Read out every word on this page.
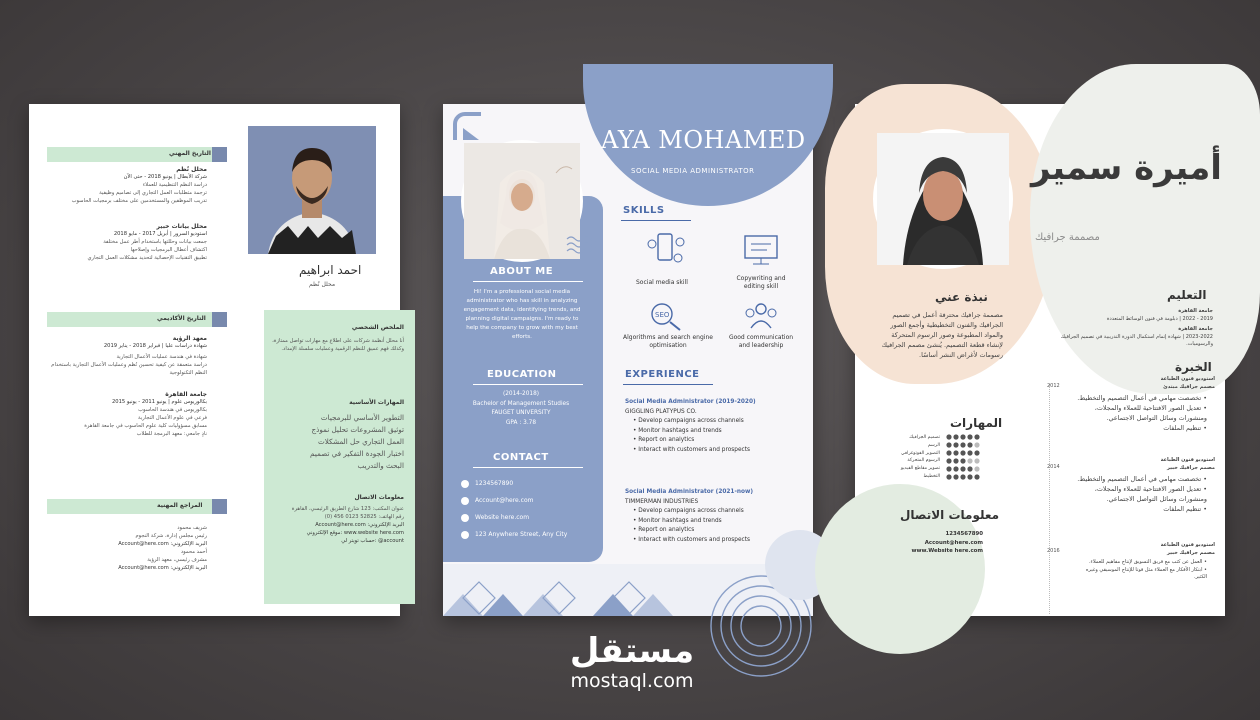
احمد ابراهيم

محلل نُظم

التاريخ المهني

محلل نُظم

شركة الأبطال | يونيو 2018 - حتى الآن

دراسة النظم التنظيمية للعملاء

ترجمة متطلبات العمل التجاري إلى تصاميم وظيفية

تدريب الموظفين والمستخدمين على مختلف برمجيات الحاسوب

محلل بيانات خبير

استوديو السرور | أبريل 2017 - مايو 2018

جمعت بيانات وحللتها باستخدام أطر عمل مختلفة

اكتشاف أعطال البرمجيات وإصلاحها

تطبيق التقنيات الإحصائية لتحديد مشكلات العمل التجاري

التاريخ الأكاديمي

معهد الرؤية

شهادة دراسات عليا | فبراير 2018 - يناير 2019

شهادة في هندسة عمليات الأعمال التجارية

دراسة متعمقة عن كيفية تحسين نُظم وعمليات الأعمال التجارية باستخدام النظم التكنولوجية

جامعة القاهرة

بكالوريوس علوم | يونيو 2011 - يونيو 2015

بكالوريوس في هندسة الحاسوب

فرعي في علوم الأعمال التجارية

مسابق مسؤوليات كلية علوم الحاسوب في جامعة القاهرة

نادٍ جامعي: معهد البرمجة للطلاب

المراجع المهنية

شريف محمود

رئيس مجلس إدارة، شركة النجوم

البريد الإلكتروني: Account@here.com

أحمد محمود

مشرف رئيسي، معهد الرؤية

البريد الإلكتروني: Account@here.com

الملخص الشخصي

أنا محلل أنظمة شركات على اطلاع مع مهارات تواصل ممتازة، وكذلك فهم عميق للنظم الرقمية وعمليات سلسلة الإمداد.

المهارات الأساسية

التطوير الأساسي للبرمجيات

توثيق المشروعات تحليل نموذج

العمل التجاري حل المشكلات

اختبار الجودة التفكير في تصميم

البحث والتدريب

معلومات الاتصال

عنوان المكتب: 123 شارع الطريق الرئيسي، القاهرة

رقم الهاتف: 52825 0123 456 (0)

البريد الإلكتروني: Account@here.com

www.website here.com :موقع الإلكتروني

account@ :حساب تويتر لي

AYA MOHAMED

SOCIAL MEDIA ADMINISTRATOR

ABOUT ME

Hi! I'm a professional social media administrator who has skill in analyzing engagement data, identifying trends, and planning digital campaigns. I'm ready to help the company to grow with my best efforts.

EDUCATION

(2014-2018)

Bachelor of Management Studies

FAUGET UNIVERSITY

GPA : 3.78

CONTACT

1234567890
Account@here.com
Website here.com
123 Anywhere Street, Any City

SKILLS

Social media skill

Copywriting and editing skill

SEO

Algorithms and search engine optimisation

Good communication and leadership

EXPERIENCE

Social Media Administrator (2019-2020)

GIGGLING PLATYPUS CO.

• Develop campaigns across channels

• Monitor hashtags and trends

• Report on analytics

• Interact with customers and prospects

Social Media Administrator (2021-now)

TIMMERMAN INDUSTRIES

• Develop campaigns across channels

• Monitor hashtags and trends

• Report on analytics

• Interact with customers and prospects

أميرة سمير

مصممة جرافيك

نبذة عني

مصممة جرافيك محترفة أعمل في تصميم الجرافيك والفنون التخطيطية وأجمع الصور والمواد المطبوعة وصور الرسوم المتحركة لإنشاء قطعة التصميم. يُنشئ مصمم الجرافيك رسومات لأغراض النشر أساسًا.

المهارات

تصميم الجرافيك

الرسم

التصوير الفوتوغرافي

الرسوم المتحركة

تصوير مقاطع الفيديو

التخطيط

معلومات الاتصال

1234567890

Account@here.com

www.Website here.com

التعليم

جامعة القاهرة

2019 - 2022 | دبلومة في فنون الوسائط المتعددة

جامعة القاهرة

2023-2022 | شهادة إتمام استكمال الدورة التدريبية في تصميم الجرافيك والرسوميات.

الخبرة

2012

استوديو فنون الطباعة

مصمم جرافيك مبتدئ

• تخصصت مهامي في أعمال التصميم والتخطيط.

• تعديل الصور الافتتاحية للعملاء والمجلات، ومنشورات وسائل التواصل الاجتماعي.

• تنظيم الملفات

2014

استوديو فنون الطباعة

مصمم جرافيك خبير

• تخصصت مهامي في أعمال التصميم والتخطيط.

• تعديل الصور الافتتاحية للعملاء والمجلات، ومنشورات وسائل التواصل الاجتماعي.

• تنظيم الملفات

2016

استوديو فنون الطباعة

مصمم جرافيك خبير

• العمل عن كثب مع فريق التسويق لإنتاج مفاهيم للعملاء.

• ابتكار الأفكار مع العملاء مثل فوتا للإنتاج الموسيقي وغيره الكثير.

مستقل
mostaql.com
